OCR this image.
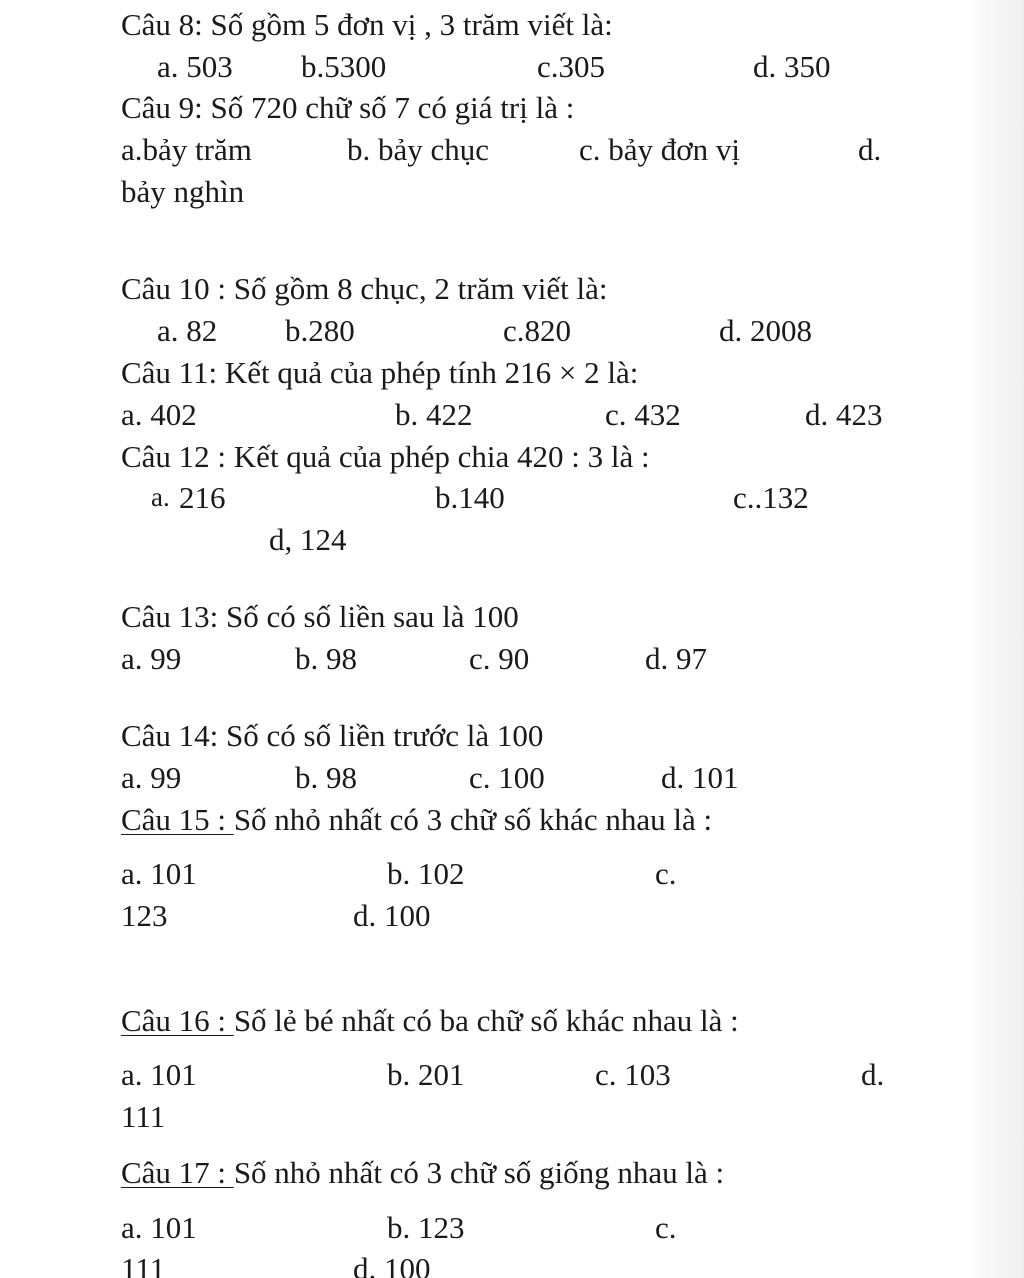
Câu 8: Số gồm 5 đơn vị , 3 trăm viết là:
a. 503 b.5300	c.305	d. 350
Câu 9: Số 720 chữ số 7 có giá trị là :
a.bảy trăm	b. bảy chục	c. bảy đơn vị	d.
bảy nghìn
Câu 10 : Số gồm 8 chục, 2 trăm viết là:
a. 82 b.280	c.820	d. 2008
Câu 11: Kết quả của phép tính 216 × 2 là:
a. 402	b. 422	c. 432	d. 423
Câu 12 : Kết quả của phép chia 420 : 3 là :
a. 216	b.140	c..132
d, 124
Câu 13: Số có số liền sau là 100
a. 99	b. 98	c. 90	d. 97
Câu 14: Số có số liền trước là 100
a. 99	b. 98	c. 100	d. 101
Câu 15 : Số nhỏ nhất có 3 chữ số khác nhau là :
a. 101	b. 102	c.
123	d. 100
Câu 16 : Số lẻ bé nhất có ba chữ số khác nhau là :
a. 101	b. 201	c. 103	d.
111
Câu 17 : Số nhỏ nhất có 3 chữ số giống nhau là :
a. 101	b. 123	c.
111	d. 100
